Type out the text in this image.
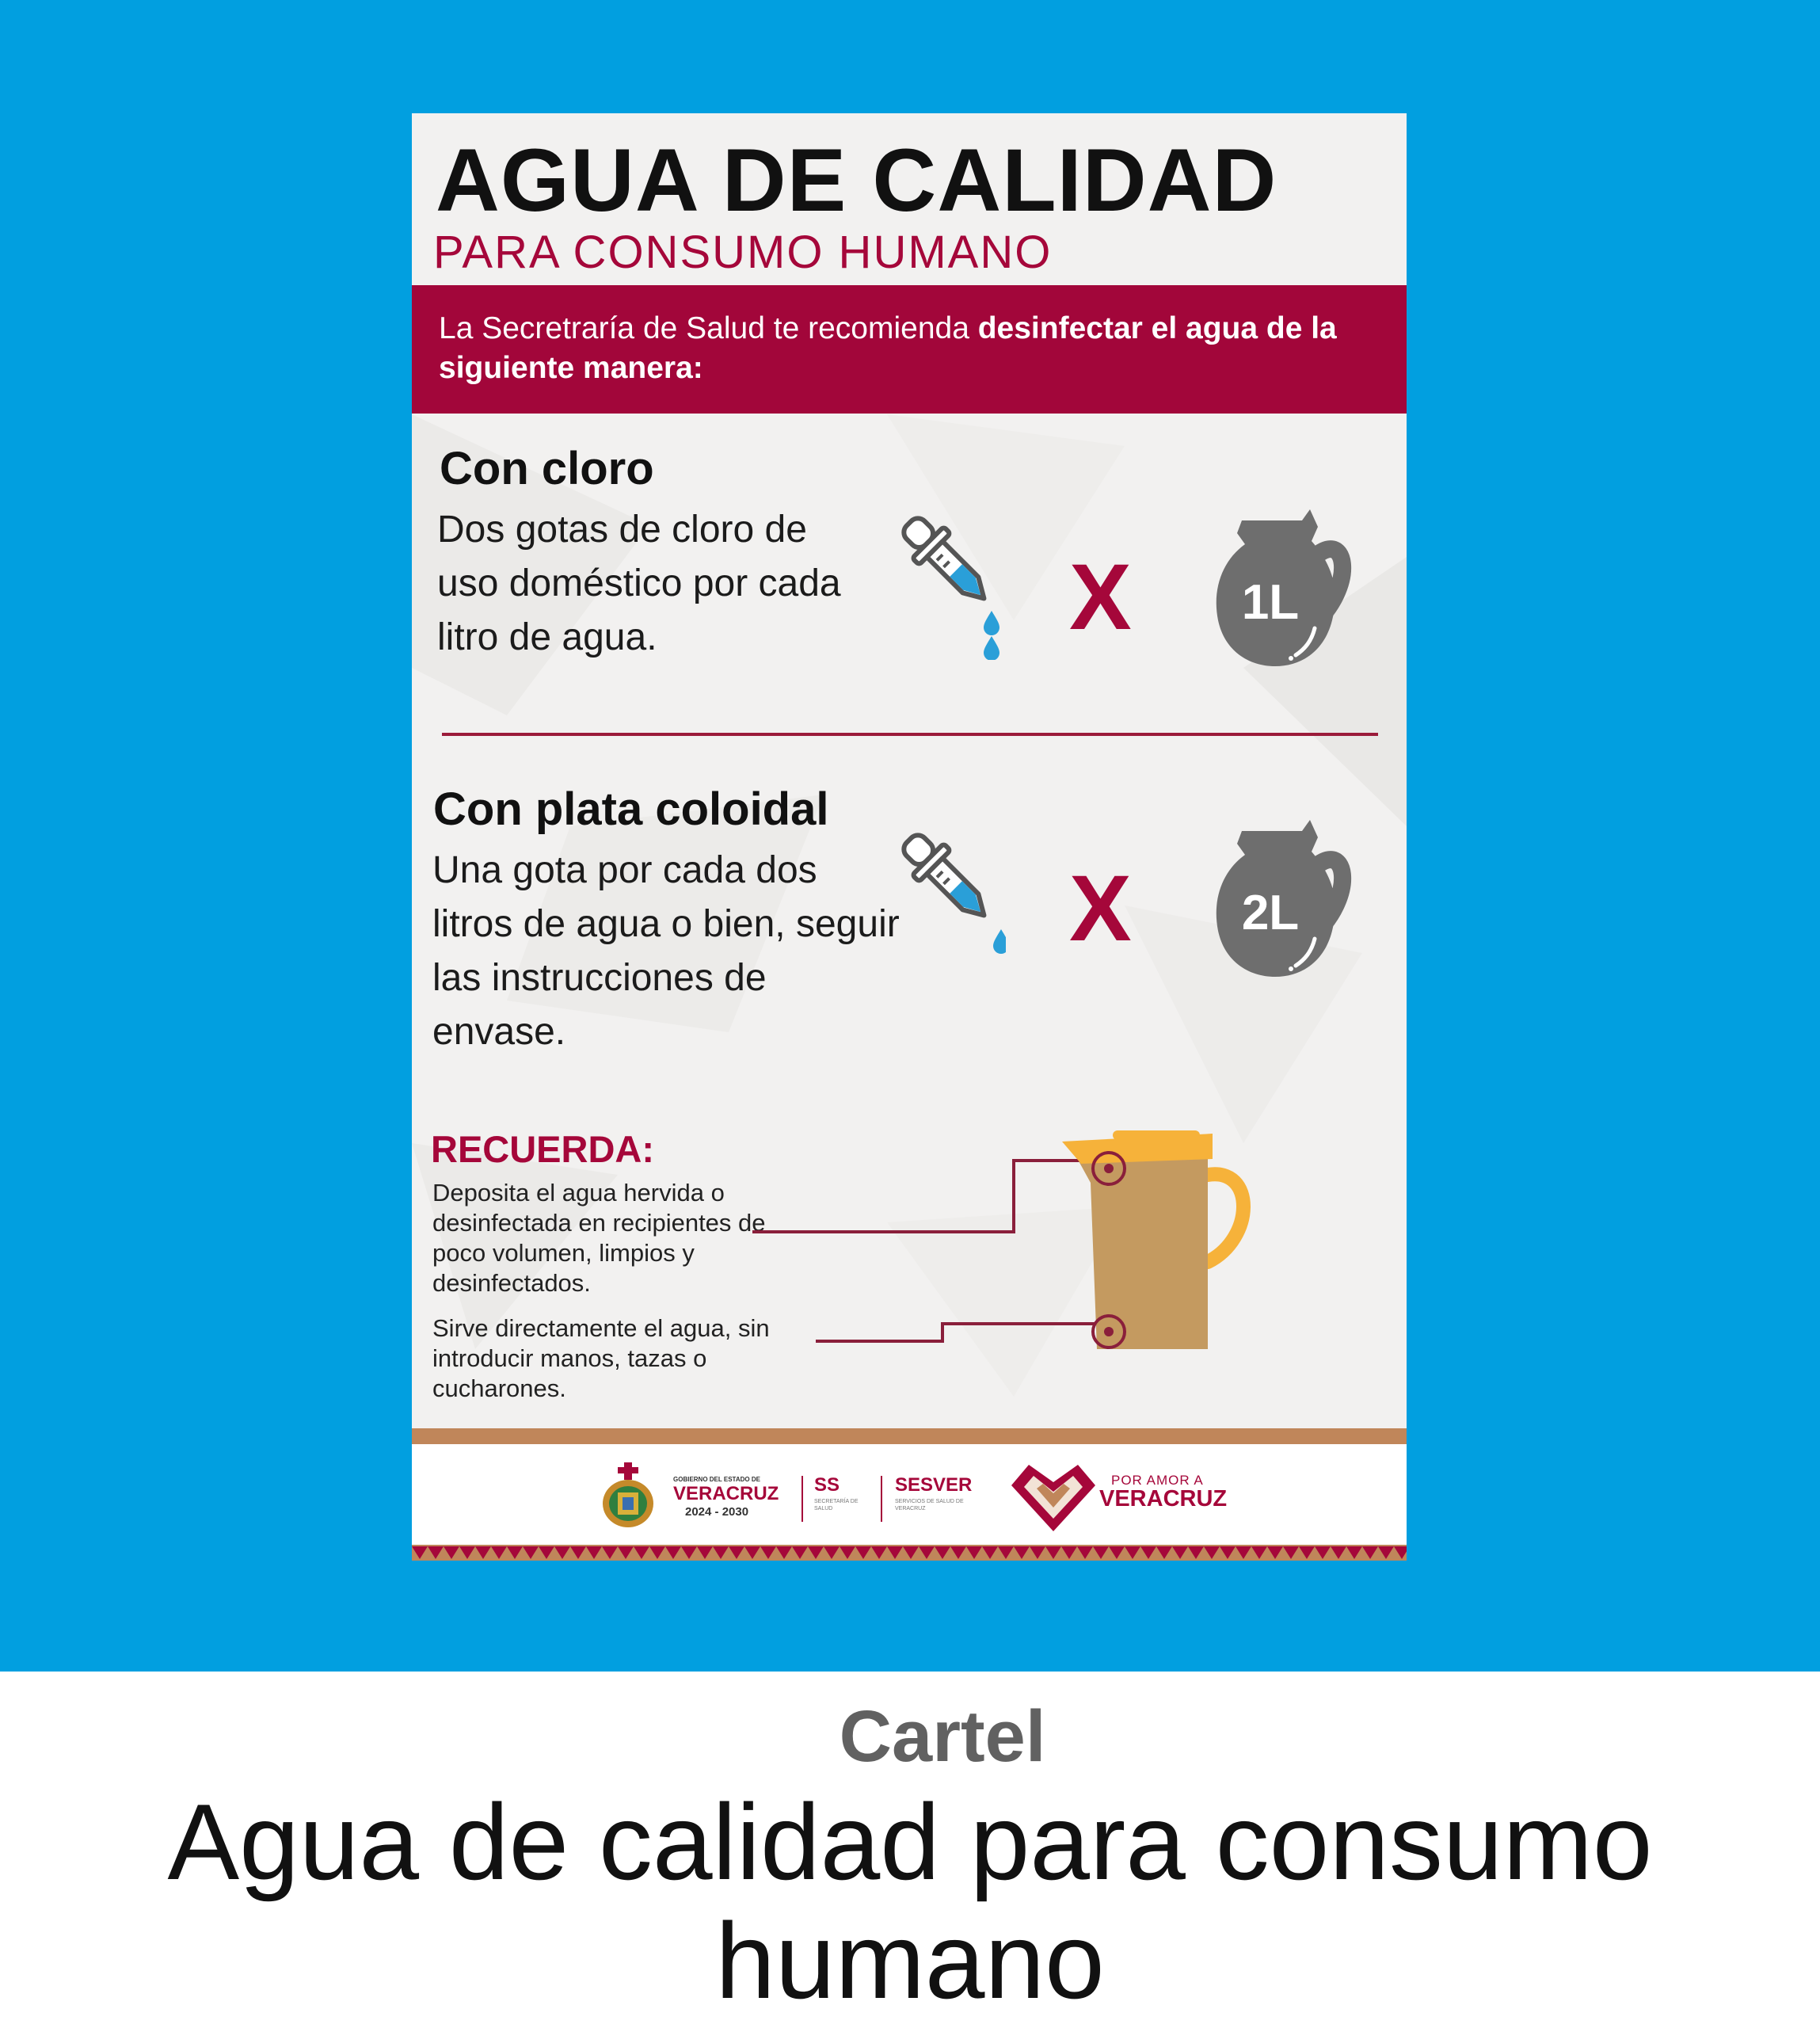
AGUA DE CALIDAD
PARA CONSUMO HUMANO
La Secretraría de Salud te recomienda desinfectar el agua de la siguiente manera:
Con cloro
Dos gotas de cloro de uso doméstico por cada litro de agua.	X 1L
Con plata coloidal
Una gota por cada dos litros de agua o bien, seguir las instrucciones de envase.
X 2L
RECUERDA:
Deposita el agua hervida o desinfectada en recipientes de poco volumen, limpios y desinfectados.
Sirve directamente el agua, sin introducir manos, tazas o cucharones.
GOBIERNO DEL ESTADO DE
VERACRUZ
2024 - 2030
SS
SECRETARÍA DE SALUD
SESVER
SERVICIOS DE SALUD DE VERACRUZ
POR AMOR A
VERACRUZ
Cartel
Agua de calidad para consumo humano
